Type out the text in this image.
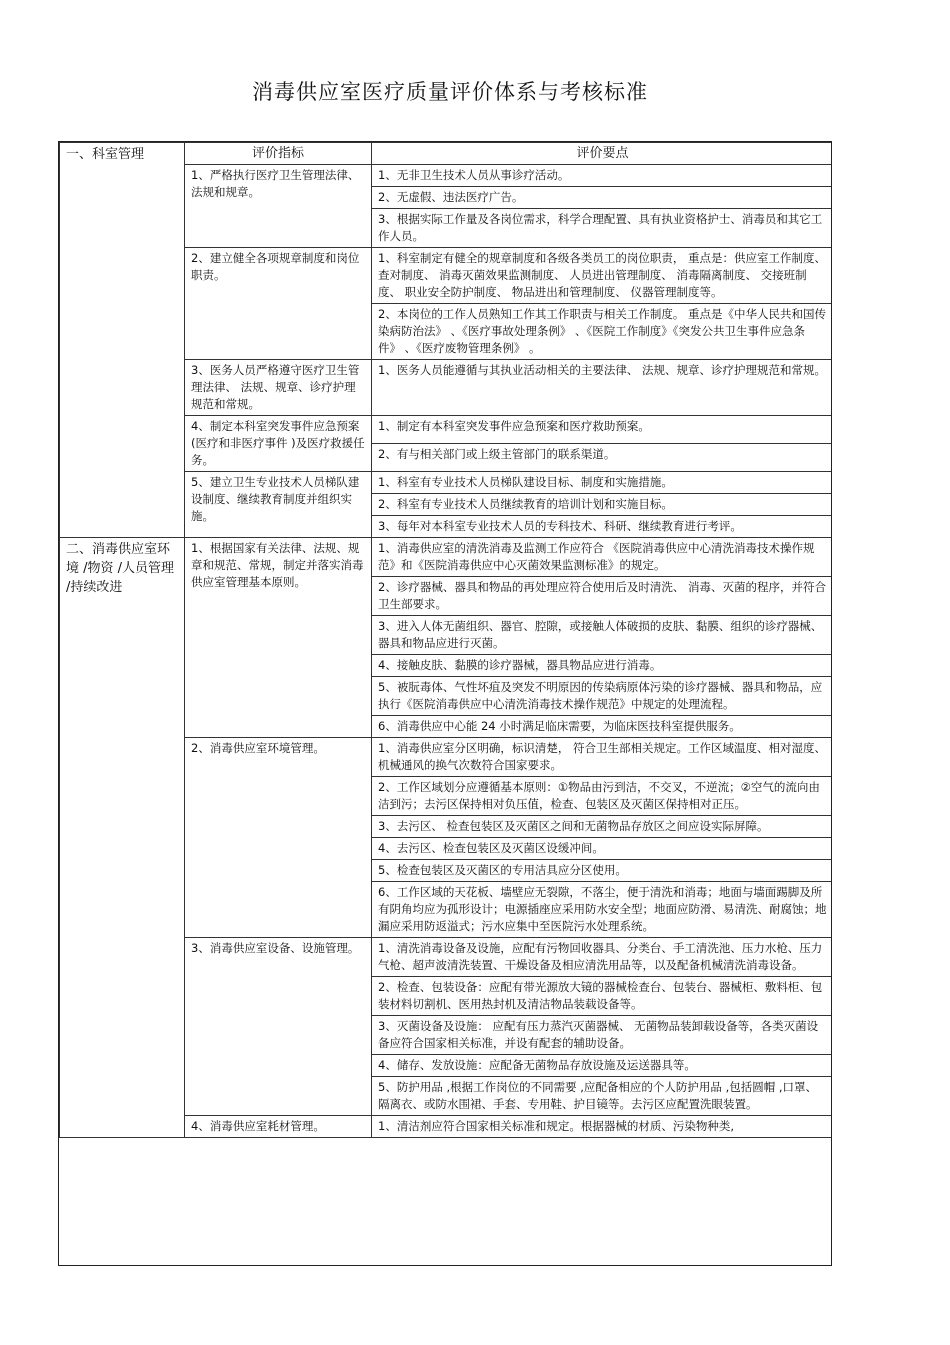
消毒供应室医疗质量评价体系与考核标准
一、科室管理	评价指标	评价要点
	1、严格执行医疗卫生管理法律、法规和规章。	1、无非卫生技术人员从事诊疗活动。
		2、无虚假、违法医疗广告。
		3、根据实际工作量及各岗位需求，科学合理配置、具有执业资格护士、消毒员和其它工作人员。
	2、建立健全各项规章制度和岗位职责。	1、科室制定有健全的规章制度和各级各类员工的岗位职责， 重点是：供应室工作制度、 查对制度、 消毒灭菌效果监测制度、 人员进出管理制度、 消毒隔离制度、 交接班制度、 职业安全防护制度、 物品进出和管理制度、 仪器管理制度等。
		2、本岗位的工作人员熟知工作其工作职责与相关工作制度。 重点是《中华人民共和国传染病防治法》 、《医疗事故处理条例》 、《医院工作制度》《突发公共卫生事件应急条件》 、《医疗废物管理条例》 。
	3、医务人员严格遵守医疗卫生管理法律、 法规、规章、诊疗护理规范和常规。	1、医务人员能遵循与其执业活动相关的主要法律、 法规、规章、诊疗护理规范和常规。
	4、制定本科室突发事件应急预案 (医疗和非医疗事件 )及医疗救援任务。	1、制定有本科室突发事件应急预案和医疗救助预案。
		2、有与相关部门或上级主管部门的联系渠道。
	5、建立卫生专业技术人员梯队建设制度、继续教育制度并组织实施。	1、科室有专业技术人员梯队建设目标、制度和实施措施。
		2、科室有专业技术人员继续教育的培训计划和实施目标。
		3、每年对本科室专业技术人员的专科技术、科研、继续教育进行考评。
二、消毒供应室环境 /物资 /人员管理 /持续改进	1、根据国家有关法律、法规、规章和规范、常规，制定并落实消毒供应室管理基本原则。	1、消毒供应室的清洗消毒及监测工作应符合 《医院消毒供应中心清洗消毒技术操作规范》和《医院消毒供应中心灭菌效果监测标准》的规定。
		2、诊疗器械、器具和物品的再处理应符合使用后及时清洗、 消毒、灭菌的程序，并符合卫生部要求。
		3、进入人体无菌组织、器官、腔隙，或接触人体破损的皮肤、黏膜、组织的诊疗器械、器具和物品应进行灭菌。
		4、接触皮肤、黏膜的诊疗器械，器具物品应进行消毒。
		5、被朊毒体、气性坏疽及突发不明原因的传染病原体污染的诊疗器械、器具和物品，应执行《医院消毒供应中心清洗消毒技术操作规范》中规定的处理流程。
		6、消毒供应中心能 24 小时满足临床需要，为临床医技科室提供服务。
	2、消毒供应室环境管理。	1、消毒供应室分区明确，标识清楚， 符合卫生部相关规定。工作区域温度、相对湿度、机械通风的换气次数符合国家要求。
		2、工作区域划分应遵循基本原则：①物品由污到洁，不交叉，不逆流；②空气的流向由洁到污；去污区保持相对负压值，检查、包装区及灭菌区保持相对正压。
		3、去污区、 检查包装区及灭菌区之间和无菌物品存放区之间应设实际屏障。
		4、去污区、检查包装区及灭菌区设缓冲间。
		5、检查包装区及灭菌区的专用洁具应分区使用。
		6、工作区域的天花板、墙壁应无裂隙，不落尘，便于清洗和消毒；地面与墙面踢脚及所有阴角均应为孤形设计；电源插座应采用防水安全型；地面应防滑、易清洗、耐腐蚀；地漏应采用防返溢式；污水应集中至医院污水处理系统。
	3、消毒供应室设备、设施管理。	1、清洗消毒设备及设施，应配有污物回收器具、分类台、手工清洗池、压力水枪、压力气枪、超声波清洗装置、干燥设备及相应清洗用品等，以及配备机械清洗消毒设备。
		2、检查、包装设备：应配有带光源放大镜的器械检查台、包装台、器械柜、敷料柜、包装材料切割机、医用热封机及清洁物品装载设备等。
		3、灭菌设备及设施： 应配有压力蒸汽灭菌器械、 无菌物品装卸载设备等，各类灭菌设备应符合国家相关标准，并设有配套的辅助设备。
		4、储存、发放设施：应配备无菌物品存放设施及运送器具等。
		5、防护用品 ,根据工作岗位的不同需要 ,应配备相应的个人防护用品 ,包括圆帽 ,口罩、隔离衣、或防水围裙、手套、专用鞋、护目镜等。去污区应配置洗眼装置。
	4、消毒供应室耗材管理。	1、清洁剂应符合国家相关标准和规定。根据器械的材质、污染物种类,
